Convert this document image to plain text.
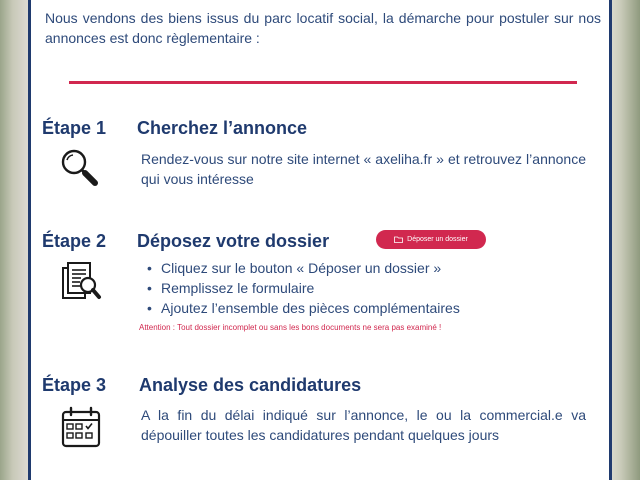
Nous vendons des biens issus du parc locatif social, la démarche pour postuler sur nos annonces est donc règlementaire :

Étape 1 Cherchez l’annonce

Rendez-vous sur notre site internet « axeliha.fr » et retrouvez l’annonce qui vous intéresse

Étape 2 Déposez votre dossier	Déposer un dossier
• Cliquez sur le bouton « Déposer un dossier »
• Remplissez le formulaire
• Ajoutez l’ensemble des pièces complémentaires

Attention : Tout dossier incomplet ou sans les bons documents ne sera pas examiné !

Étape 3 Analyse des candidatures

A la fin du délai indiqué sur l’annonce, le ou la commercial.e va dépouiller toutes les candidatures pendant quelques jours
